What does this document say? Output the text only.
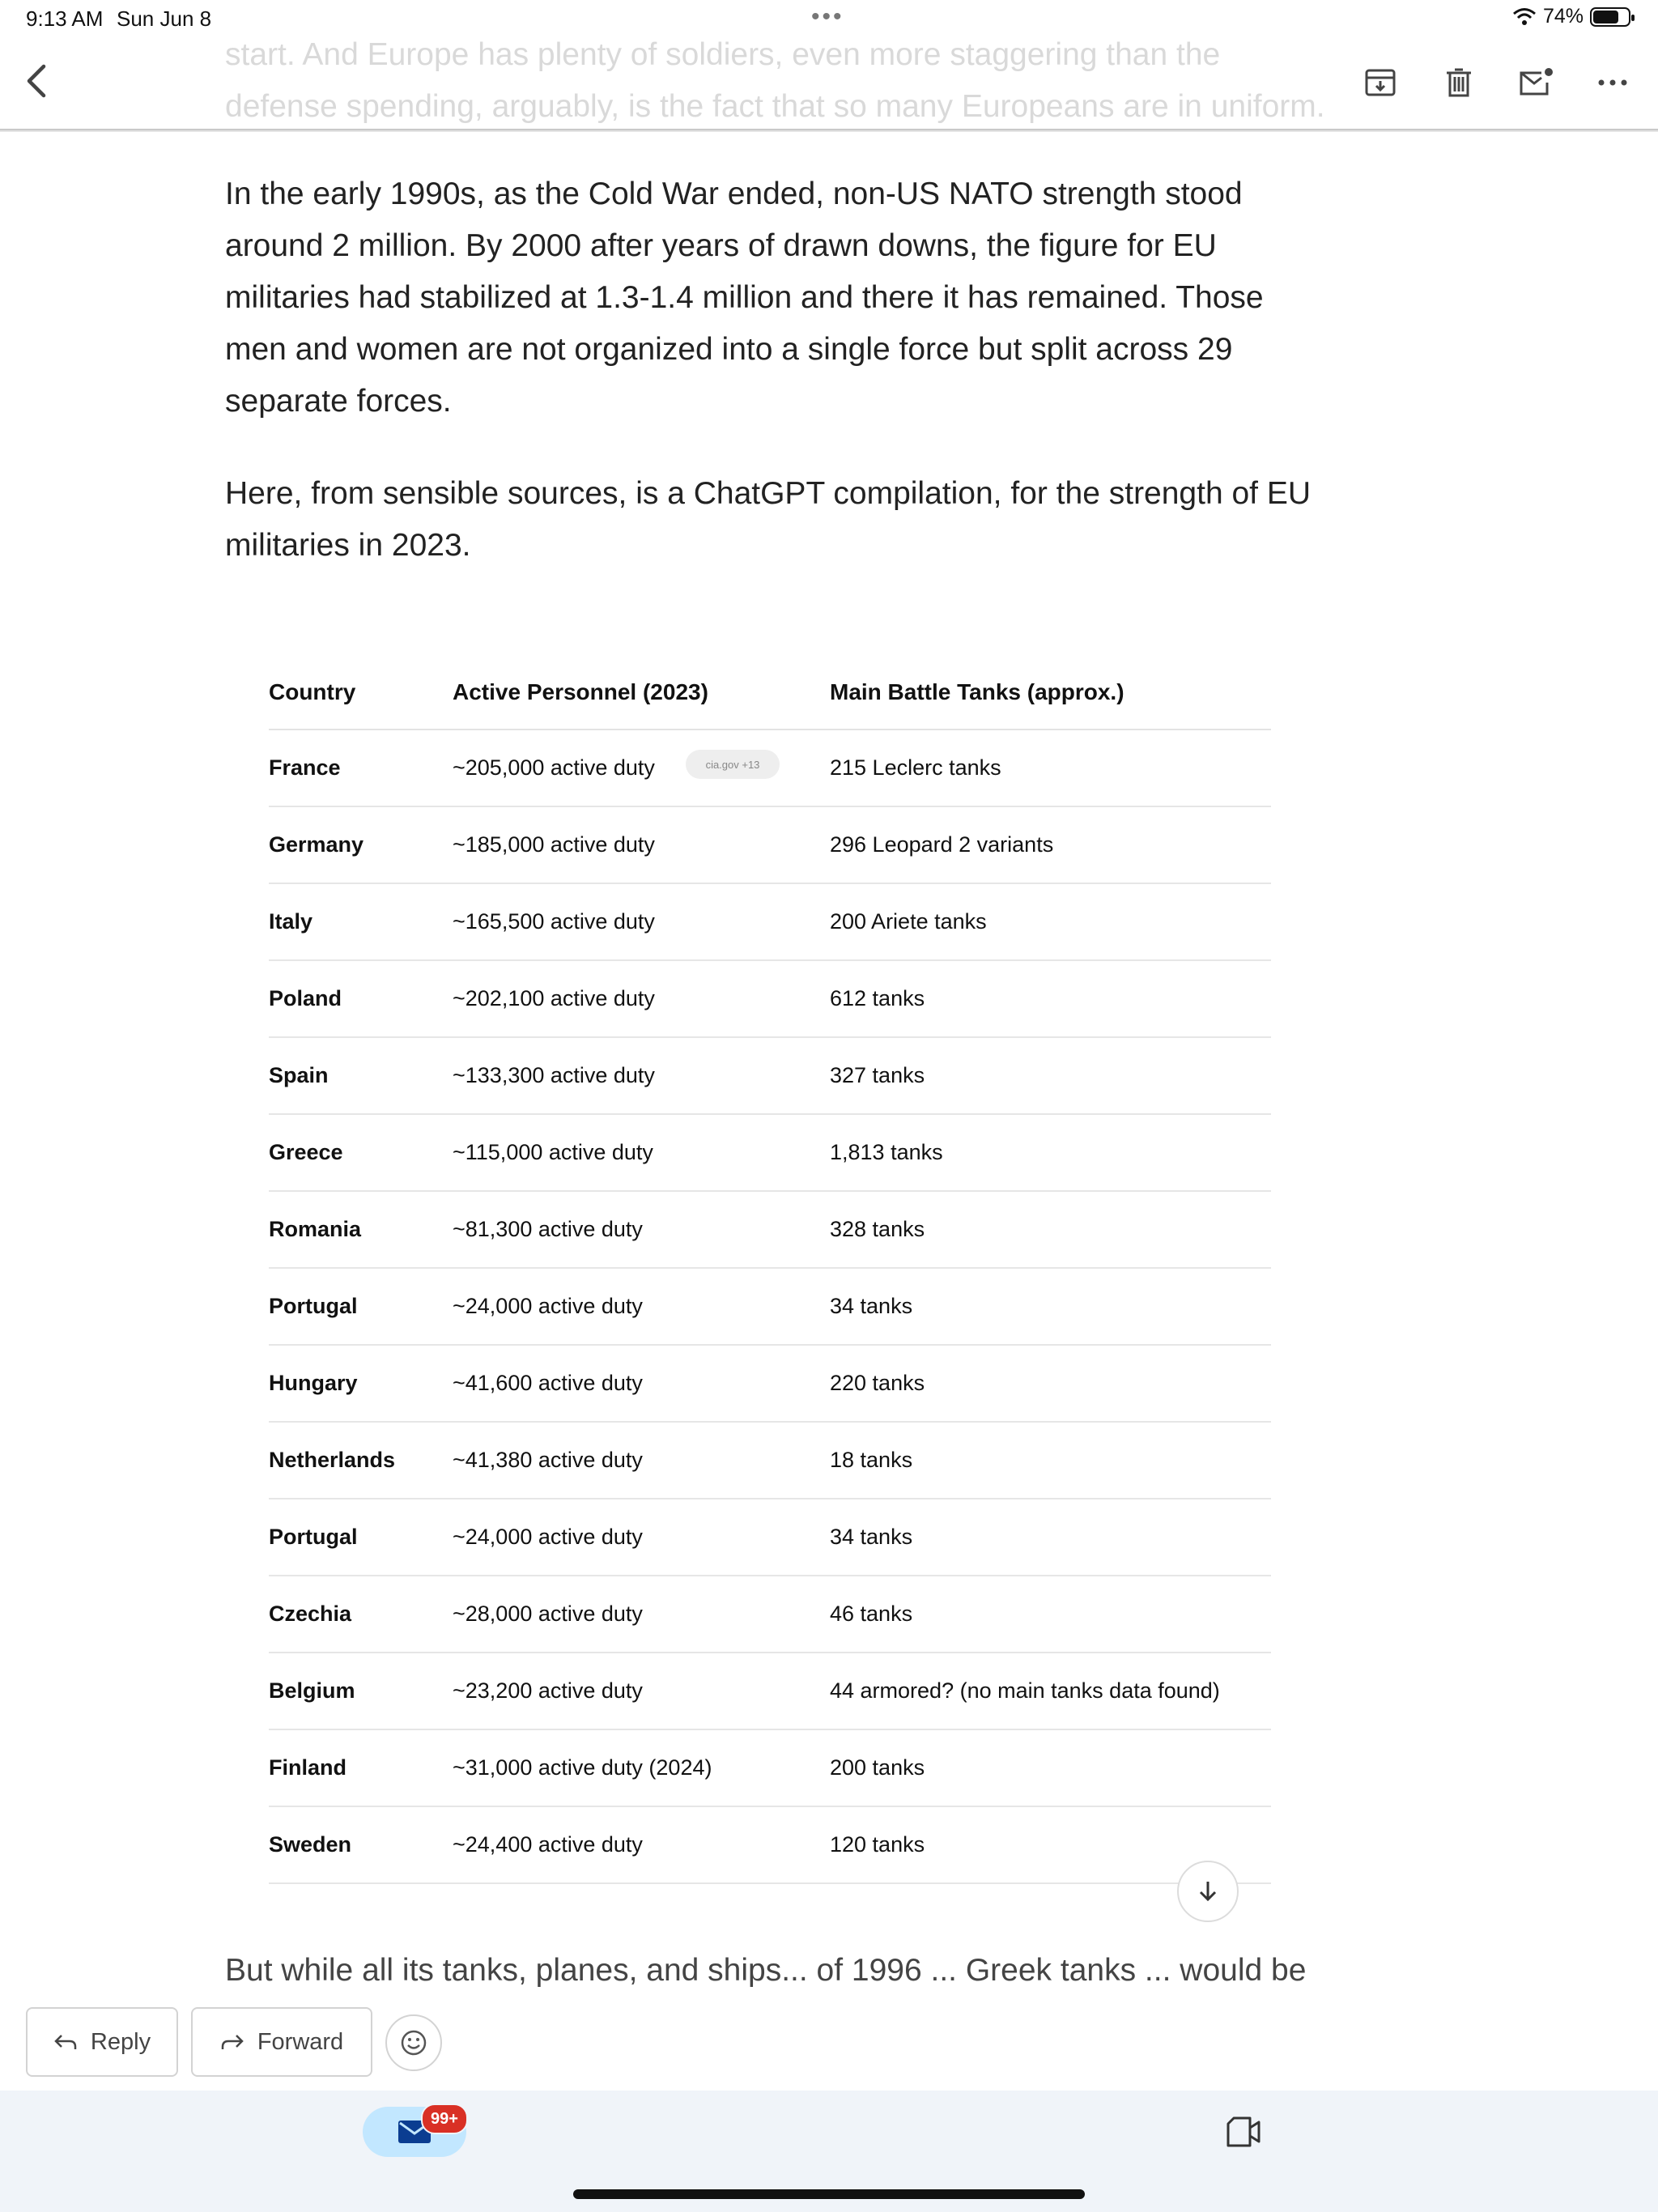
start. And Europe has plenty of soldiers, even more staggering than the defense spending, arguably, is the fact that so many Europeans are in uniform.
9:13 AM Sun Jun 8	•••	74%

In the early 1990s, as the Cold War ended, non-US NATO strength stood around 2 million. By 2000 after years of drawn downs, the figure for EU militaries had stabilized at 1.3-1.4 million and there it has remained. Those men and women are not organized into a single force but split across 29 separate forces.

Here, from sensible sources, is a ChatGPT compilation, for the strength of EU militaries in 2023.

Country	Active Personnel (2023)	Main Battle Tanks (approx.)
France	~205,000 active duty	215 Leclerc tanks
cia.gov +13
Germany	~185,000 active duty	296 Leopard 2 variants
Italy	~165,500 active duty	200 Ariete tanks
Poland	~202,100 active duty	612 tanks
Spain	~133,300 active duty	327 tanks
Greece	~115,000 active duty	1,813 tanks
Romania	~81,300 active duty	328 tanks
Portugal	~24,000 active duty	34 tanks
Hungary	~41,600 active duty	220 tanks
Netherlands	~41,380 active duty	18 tanks
Portugal	~24,000 active duty	34 tanks
Czechia	~28,000 active duty	46 tanks
Belgium	~23,200 active duty	44 armored? (no main tanks data found)
Finland	~31,000 active duty (2024)	200 tanks
Sweden	~24,400 active duty	120 tanks
But while all its tanks, planes, and ships... of 1996 ... Greek tanks ... would be
Reply	Forward
99+
